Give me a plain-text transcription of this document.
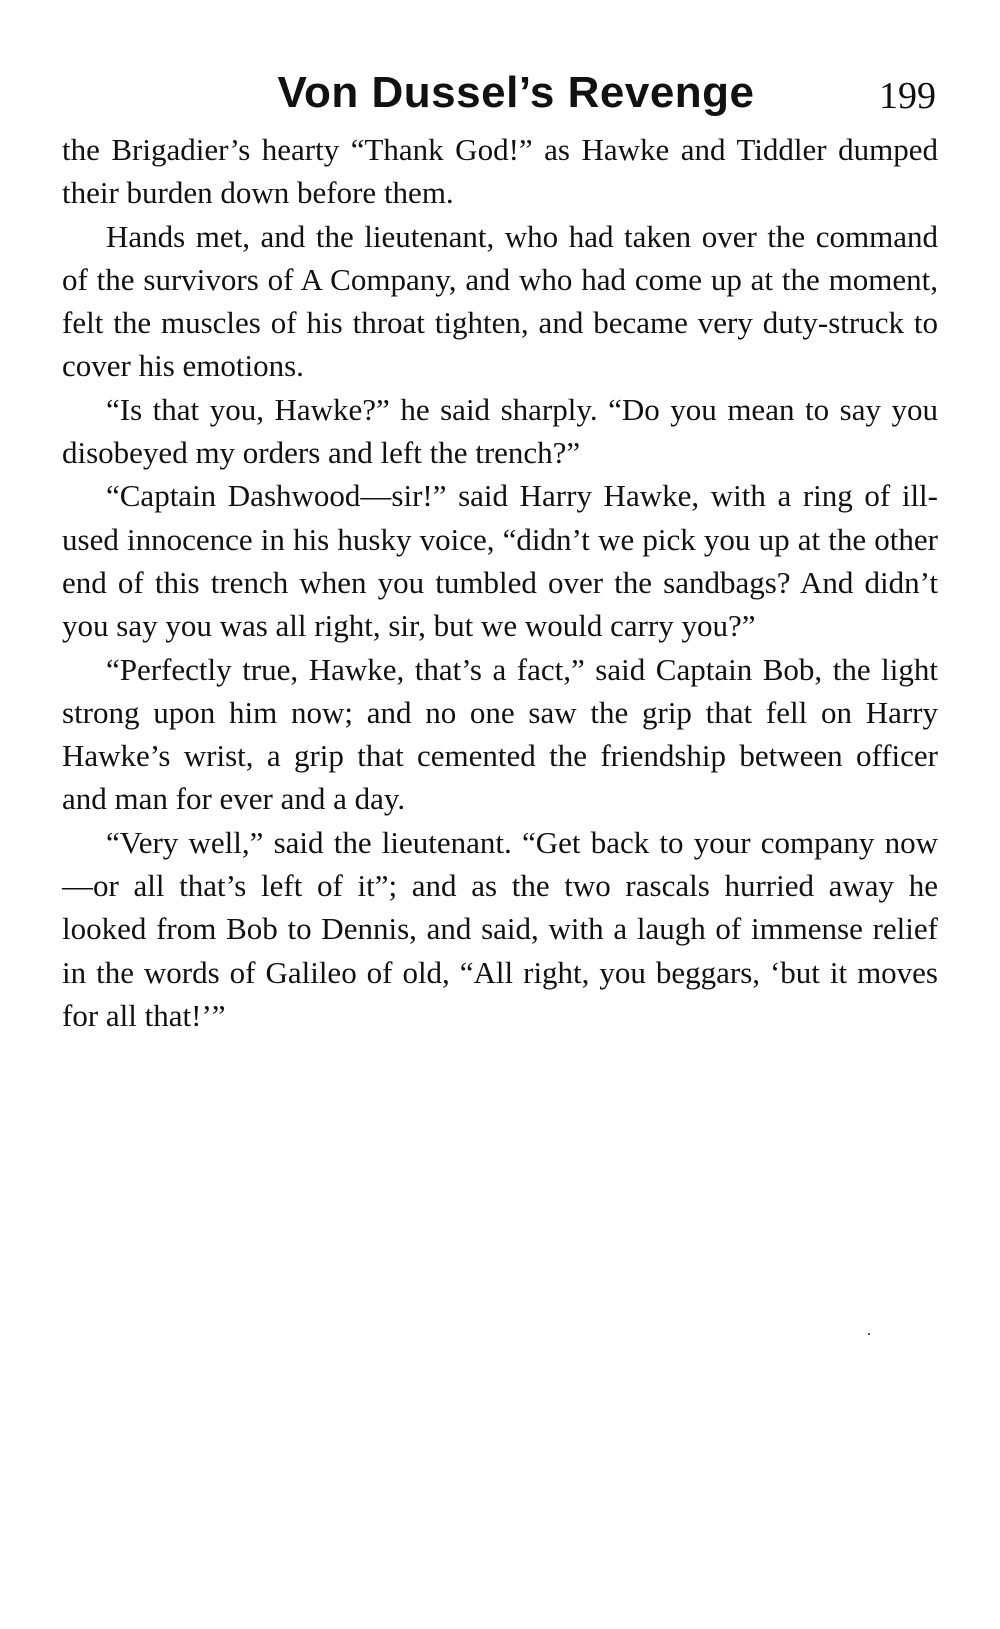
Von Dussel’s Revenge	199

the Brigadier’s hearty “Thank God!” as Hawke and Tiddler dumped their burden down before them.

Hands met, and the lieutenant, who had taken over the command of the survivors of A Company, and who had come up at the moment, felt the muscles of his throat tighten, and became very duty-struck to cover his emotions.

“Is that you, Hawke?” he said sharply. “Do you mean to say you disobeyed my orders and left the trench?”

“Captain Dashwood—sir!” said Harry Hawke, with a ring of ill-used innocence in his husky voice, “didn’t we pick you up at the other end of this trench when you tumbled over the sandbags? And didn’t you say you was all right, sir, but we would carry you?”

“Perfectly true, Hawke, that’s a fact,” said Captain Bob, the light strong upon him now; and no one saw the grip that fell on Harry Hawke’s wrist, a grip that cemented the friendship between officer and man for ever and a day.

“Very well,” said the lieutenant. “Get back to your company now—or all that’s left of it”; and as the two rascals hurried away he looked from Bob to Dennis, and said, with a laugh of immense relief in the words of Galileo of old, “All right, you beggars, ‘but it moves for all that!’”
